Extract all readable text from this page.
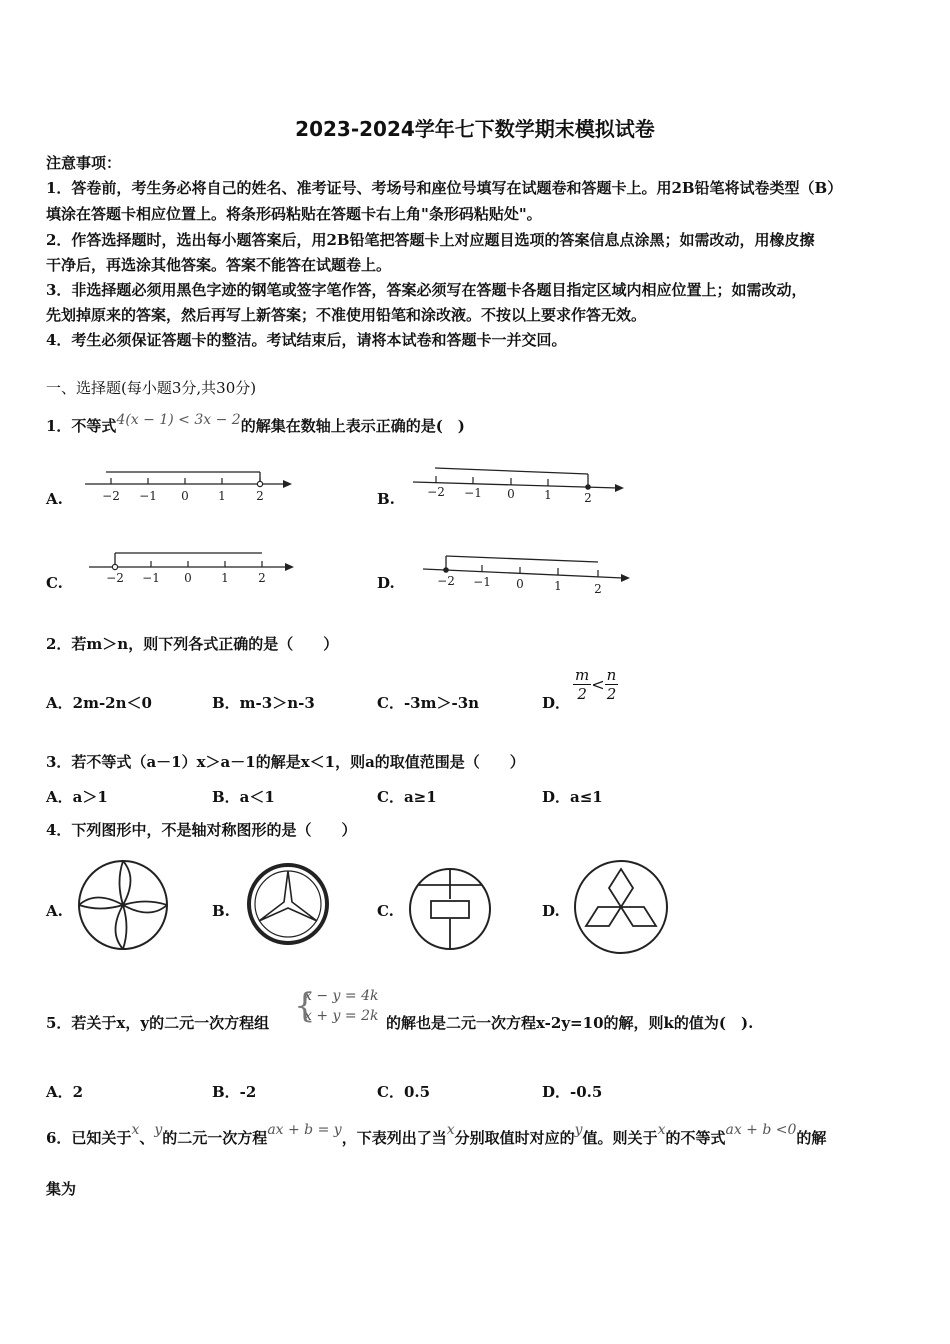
2023-2024学年七下数学期末模拟试卷
注意事项：
1．答卷前，考生务必将自己的姓名、准考证号、考场号和座位号填写在试题卷和答题卡上。用2B铅笔将试卷类型（B）
填涂在答题卡相应位置上。将条形码粘贴在答题卡右上角"条形码粘贴处"。
2．作答选择题时，选出每小题答案后，用2B铅笔把答题卡上对应题目选项的答案信息点涂黑；如需改动，用橡皮擦
干净后，再选涂其他答案。答案不能答在试题卷上。
3．非选择题必须用黑色字迹的钢笔或签字笔作答，答案必须写在答题卡各题目指定区域内相应位置上；如需改动，
先划掉原来的答案，然后再写上新答案；不准使用铅笔和涂改液。不按以上要求作答无效。
4．考生必须保证答题卡的整洁。考试结束后，请将本试卷和答题卡一并交回。
一、选择题(每小题3分,共30分)
1．不等式4(x − 1) < 3x − 2的解集在数轴上表示正确的是(　)
A.	B.
C.	D.
−2 −1 0 1	2	−2 −1 0 1	2
−2 −1 0 1 2	−2 −1 0	1	2
2．若m＞n，则下列各式正确的是（　　）
A．2m-2n＜0	B．m-3＞n-3	C．-3m＞-3n	D． $\frac{m}{2} < \frac{n}{2}$
3．若不等式（a－1）x＞a－1的解是x＜1，则a的取值范围是（　　）
A．a＞1	B．a＜1	C．a≥1	D．a≤1
4．下列图形中，不是轴对称图形的是（　　）
A.	B.	C.	D.
5．若关于x，y的二元一次方程组 {
x − y = 4k
x + y = 2k 的解也是二元一次方程x-2y=10的解，则k的值为(　).
A．2	B．-2	C．0.5	D．-0.5
6．已知关于x、y的二元一次方程ax + b = y，下表列出了当x分别取值时对应的y值。则关于x的不等式ax + b <0的解
集为
